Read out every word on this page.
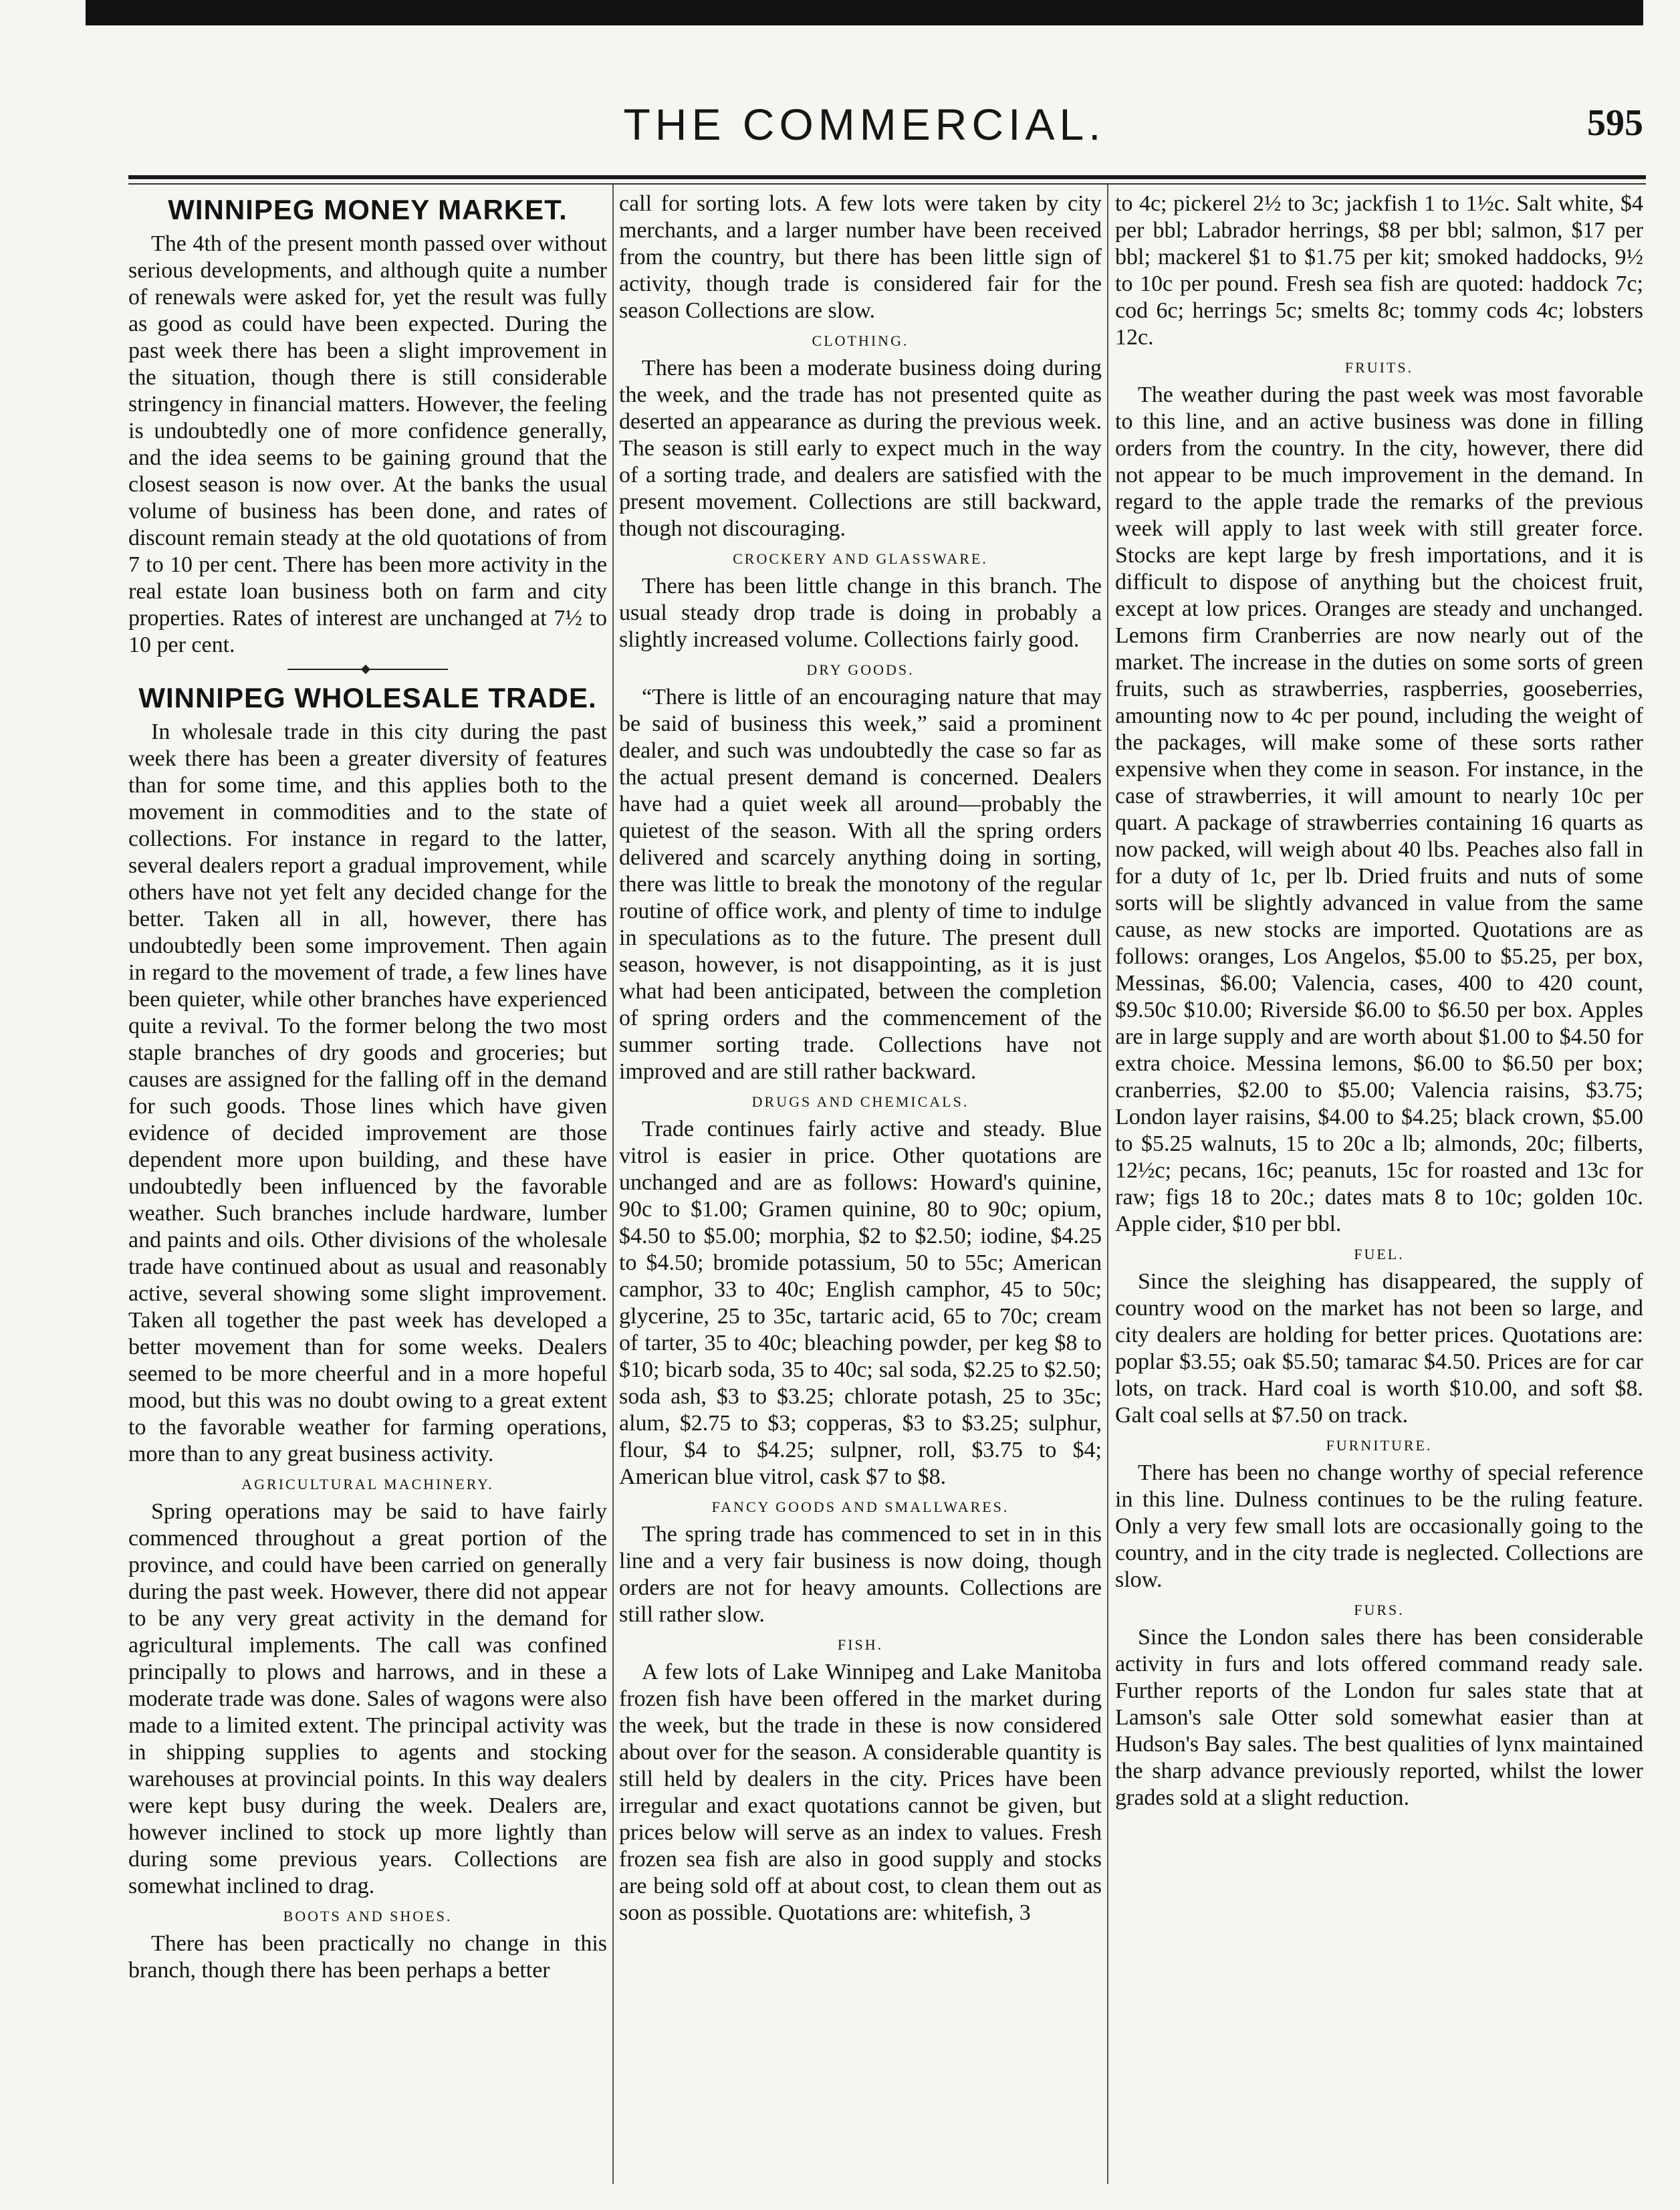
THE COMMERCIAL.	595
WINNIPEG MONEY MARKET.

The 4th of the present month passed over without serious developments, and although quite a number of renewals were asked for, yet the result was fully as good as could have been expected. During the past week there has been a slight improvement in the situation, though there is still considerable stringency in financial matters. However, the feeling is undoubtedly one of more confidence generally, and the idea seems to be gaining ground that the closest season is now over. At the banks the usual volume of business has been done, and rates of discount remain steady at the old quotations of from 7 to 10 per cent. There has been more activity in the real estate loan business both on farm and city properties. Rates of interest are unchanged at 7½ to 10 per cent.

WINNIPEG WHOLESALE TRADE.

In wholesale trade in this city during the past week there has been a greater diversity of features than for some time, and this applies both to the movement in commodities and to the state of collections. For instance in regard to the latter, several dealers report a gradual improvement, while others have not yet felt any decided change for the better. Taken all in all, however, there has undoubtedly been some improvement. Then again in regard to the movement of trade, a few lines have been quieter, while other branches have experienced quite a revival. To the former belong the two most staple branches of dry goods and groceries; but causes are assigned for the falling off in the demand for such goods. Those lines which have given evidence of decided improvement are those dependent more upon building, and these have undoubtedly been influenced by the favorable weather. Such branches include hardware, lumber and paints and oils. Other divisions of the wholesale trade have continued about as usual and reasonably active, several showing some slight improvement. Taken all together the past week has developed a better movement than for some weeks. Dealers seemed to be more cheerful and in a more hopeful mood, but this was no doubt owing to a great extent to the favorable weather for farming operations, more than to any great business activity.

AGRICULTURAL MACHINERY.

Spring operations may be said to have fairly commenced throughout a great portion of the province, and could have been carried on generally during the past week. However, there did not appear to be any very great activity in the demand for agricultural implements. The call was confined principally to plows and harrows, and in these a moderate trade was done. Sales of wagons were also made to a limited extent. The principal activity was in shipping supplies to agents and stocking warehouses at provincial points. In this way dealers were kept busy during the week. Dealers are, however inclined to stock up more lightly than during some previous years. Collections are somewhat inclined to drag.

BOOTS AND SHOES.

There has been practically no change in this branch, though there has been perhaps a better

call for sorting lots. A few lots were taken by city merchants, and a larger number have been received from the country, but there has been little sign of activity, though trade is considered fair for the season Collections are slow.

CLOTHING.

There has been a moderate business doing during the week, and the trade has not presented quite as deserted an appearance as during the previous week. The season is still early to expect much in the way of a sorting trade, and dealers are satisfied with the present movement. Collections are still backward, though not discouraging.

CROCKERY AND GLASSWARE.

There has been little change in this branch. The usual steady drop trade is doing in probably a slightly increased volume. Collections fairly good.

DRY GOODS.

“There is little of an encouraging nature that may be said of business this week,” said a prominent dealer, and such was undoubtedly the case so far as the actual present demand is concerned. Dealers have had a quiet week all around—probably the quietest of the season. With all the spring orders delivered and scarcely anything doing in sorting, there was little to break the monotony of the regular routine of office work, and plenty of time to indulge in speculations as to the future. The present dull season, however, is not disappointing, as it is just what had been anticipated, between the completion of spring orders and the commencement of the summer sorting trade. Collections have not improved and are still rather backward.

DRUGS AND CHEMICALS.

Trade continues fairly active and steady. Blue vitrol is easier in price. Other quotations are unchanged and are as follows: Howard's quinine, 90c to $1.00; Gramen quinine, 80 to 90c; opium, $4.50 to $5.00; morphia, $2 to $2.50; iodine, $4.25 to $4.50; bromide potassium, 50 to 55c; American camphor, 33 to 40c; English camphor, 45 to 50c; glycerine, 25 to 35c, tartaric acid, 65 to 70c; cream of tarter, 35 to 40c; bleaching powder, per keg $8 to $10; bicarb soda, 35 to 40c; sal soda, $2.25 to $2.50; soda ash, $3 to $3.25; chlorate potash, 25 to 35c; alum, $2.75 to $3; copperas, $3 to $3.25; sulphur, flour, $4 to $4.25; sulpner, roll, $3.75 to $4; American blue vitrol, cask $7 to $8.

FANCY GOODS AND SMALLWARES.

The spring trade has commenced to set in in this line and a very fair business is now doing, though orders are not for heavy amounts. Collections are still rather slow.

FISH.

A few lots of Lake Winnipeg and Lake Manitoba frozen fish have been offered in the market during the week, but the trade in these is now considered about over for the season. A considerable quantity is still held by dealers in the city. Prices have been irregular and exact quotations cannot be given, but prices below will serve as an index to values. Fresh frozen sea fish are also in good supply and stocks are being sold off at about cost, to clean them out as soon as possible. Quotations are: whitefish, 3

to 4c; pickerel 2½ to 3c; jackfish 1 to 1½c. Salt white, $4 per bbl; Labrador herrings, $8 per bbl; salmon, $17 per bbl; mackerel $1 to $1.75 per kit; smoked haddocks, 9½ to 10c per pound. Fresh sea fish are quoted: haddock 7c; cod 6c; herrings 5c; smelts 8c; tommy cods 4c; lobsters 12c.

FRUITS.

The weather during the past week was most favorable to this line, and an active business was done in filling orders from the country. In the city, however, there did not appear to be much improvement in the demand. In regard to the apple trade the remarks of the previous week will apply to last week with still greater force. Stocks are kept large by fresh importations, and it is difficult to dispose of anything but the choicest fruit, except at low prices. Oranges are steady and unchanged. Lemons firm Cranberries are now nearly out of the market. The increase in the duties on some sorts of green fruits, such as strawberries, raspberries, gooseberries, amounting now to 4c per pound, including the weight of the packages, will make some of these sorts rather expensive when they come in season. For instance, in the case of strawberries, it will amount to nearly 10c per quart. A package of strawberries containing 16 quarts as now packed, will weigh about 40 lbs. Peaches also fall in for a duty of 1c, per lb. Dried fruits and nuts of some sorts will be slightly advanced in value from the same cause, as new stocks are imported. Quotations are as follows: oranges, Los Angelos, $5.00 to $5.25, per box, Messinas, $6.00; Valencia, cases, 400 to 420 count, $9.50c $10.00; Riverside $6.00 to $6.50 per box. Apples are in large supply and are worth about $1.00 to $4.50 for extra choice. Messina lemons, $6.00 to $6.50 per box; cranberries, $2.00 to $5.00; Valencia raisins, $3.75; London layer raisins, $4.00 to $4.25; black crown, $5.00 to $5.25 walnuts, 15 to 20c a lb; almonds, 20c; filberts, 12½c; pecans, 16c; peanuts, 15c for roasted and 13c for raw; figs 18 to 20c.; dates mats 8 to 10c; golden 10c. Apple cider, $10 per bbl.

FUEL.

Since the sleighing has disappeared, the supply of country wood on the market has not been so large, and city dealers are holding for better prices. Quotations are: poplar $3.55; oak $5.50; tamarac $4.50. Prices are for car lots, on track. Hard coal is worth $10.00, and soft $8. Galt coal sells at $7.50 on track.

FURNITURE.

There has been no change worthy of special reference in this line. Dulness continues to be the ruling feature. Only a very few small lots are occasionally going to the country, and in the city trade is neglected. Collections are slow.

FURS.

Since the London sales there has been considerable activity in furs and lots offered command ready sale. Further reports of the London fur sales state that at Lamson's sale Otter sold somewhat easier than at Hudson's Bay sales. The best qualities of lynx maintained the sharp advance previously reported, whilst the lower grades sold at a slight reduction.
